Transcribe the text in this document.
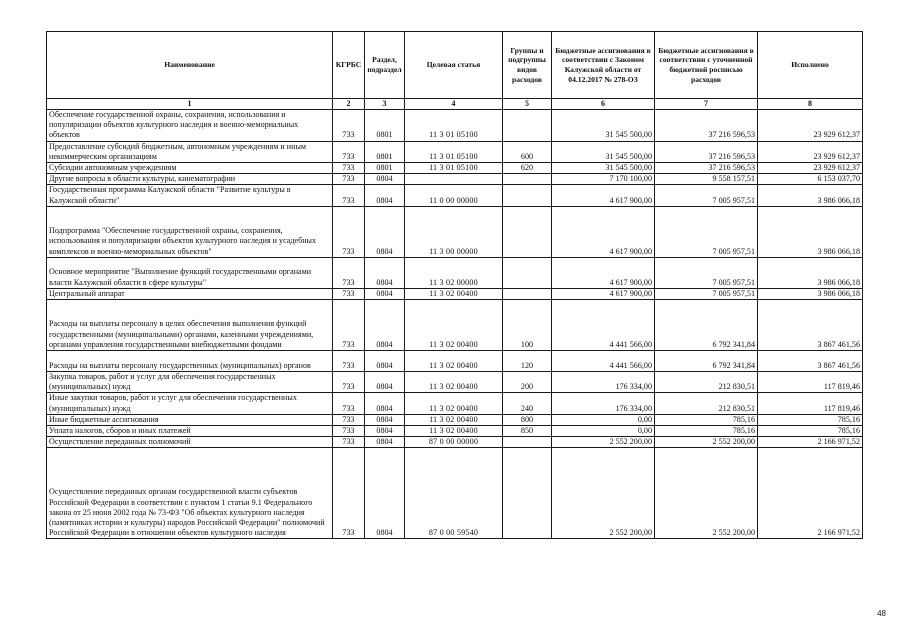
Наименование	КГРБС	Раздел, подраздел	Целевая статья	Группы и подгруппы видов расходов	Бюджетные ассигнования в соответствии с Законом Калужской области от 04.12.2017 № 278-ОЗ	Бюджетные ассигнования в соответствии с уточненной бюджетной росписью расходов	Исполнено
1	2	3	4	5	6	7	8
Обеспечение государственной охраны, сохранения, использования и популяризации объектов культурного наследия и военно-мемориальных объектов	733	0801	11 3 01 05100		31 545 500,00	37 216 596,53	23 929 612,37
Предоставление субсидий бюджетным, автономным учреждениям и иным некоммерческим организациям	733	0801	11 3 01 05100	600	31 545 500,00	37 216 596,53	23 929 612,37
Субсидии автономным учреждениям	733	0801	11 3 01 05100	620	31 545 500,00	37 216 596,53	23 929 612,37
Другие вопросы в области культуры, кинематографии	733	0804			7 170 100,00	9 558 157,51	6 153 037,70
Государственная программа Калужской области "Развитие культуры в Калужской области"	733	0804	11 0 00 00000		4 617 900,00	7 005 957,51	3 986 066,18
Подпрограмма "Обеспечение государственной охраны, сохранения, использования и популяризации объектов культурного наследия и усадебных комплексов и военно-мемориальных объектов"	733	0804	11 3 00 00000		4 617 900,00	7 005 957,51	3 986 066,18
Основное мероприятие "Выполнение функций государственными органами власти Калужской области в сфере культуры"	733	0804	11 3 02 00000		4 617 900,00	7 005 957,51	3 986 066,18
Центральный аппарат	733	0804	11 3 02 00400		4 617 900,00	7 005 957,51	3 986 066,18
Расходы на выплаты персоналу в целях обеспечения выполнения функций государственными (муниципальными) органами, казенными учреждениями, органами управления государственными внебюджетными фондами	733	0804	11 3 02 00400	100	4 441 566,00	6 792 341,84	3 867 461,56
Расходы на выплаты персоналу государственных (муниципальных) органов	733	0804	11 3 02 00400	120	4 441 566,00	6 792 341,84	3 867 461,56
Закупка товаров, работ и услуг для обеспечения государственных (муниципальных) нужд	733	0804	11 3 02 00400	200	176 334,00	212 830,51	117 819,46
Иные закупки товаров, работ и услуг для обеспечения государственных (муниципальных) нужд	733	0804	11 3 02 00400	240	176 334,00	212 830,51	117 819,46
Иные бюджетные ассигнования	733	0804	11 3 02 00400	800	0,00	785,16	785,16
Уплата налогов, сборов и иных платежей	733	0804	11 3 02 00400	850	0,00	785,16	785,16
Осуществление переданных полномочий	733	0804	87 0 00 00000		2 552 200,00	2 552 200,00	2 166 971,52
Осуществление переданных органам государственной власти субъектов Российской Федерации в соответствии с пунктом 1 статьи 9.1 Федерального закона от 25 июня 2002 года № 73-ФЗ "Об объектах культурного наследия (памятниках истории и культуры) народов Российской Федерации" полномочий Российской Федерации в отношении объектов культурного наследия	733	0804	87 0 00 59540		2 552 200,00	2 552 200,00	2 166 971,52
48
